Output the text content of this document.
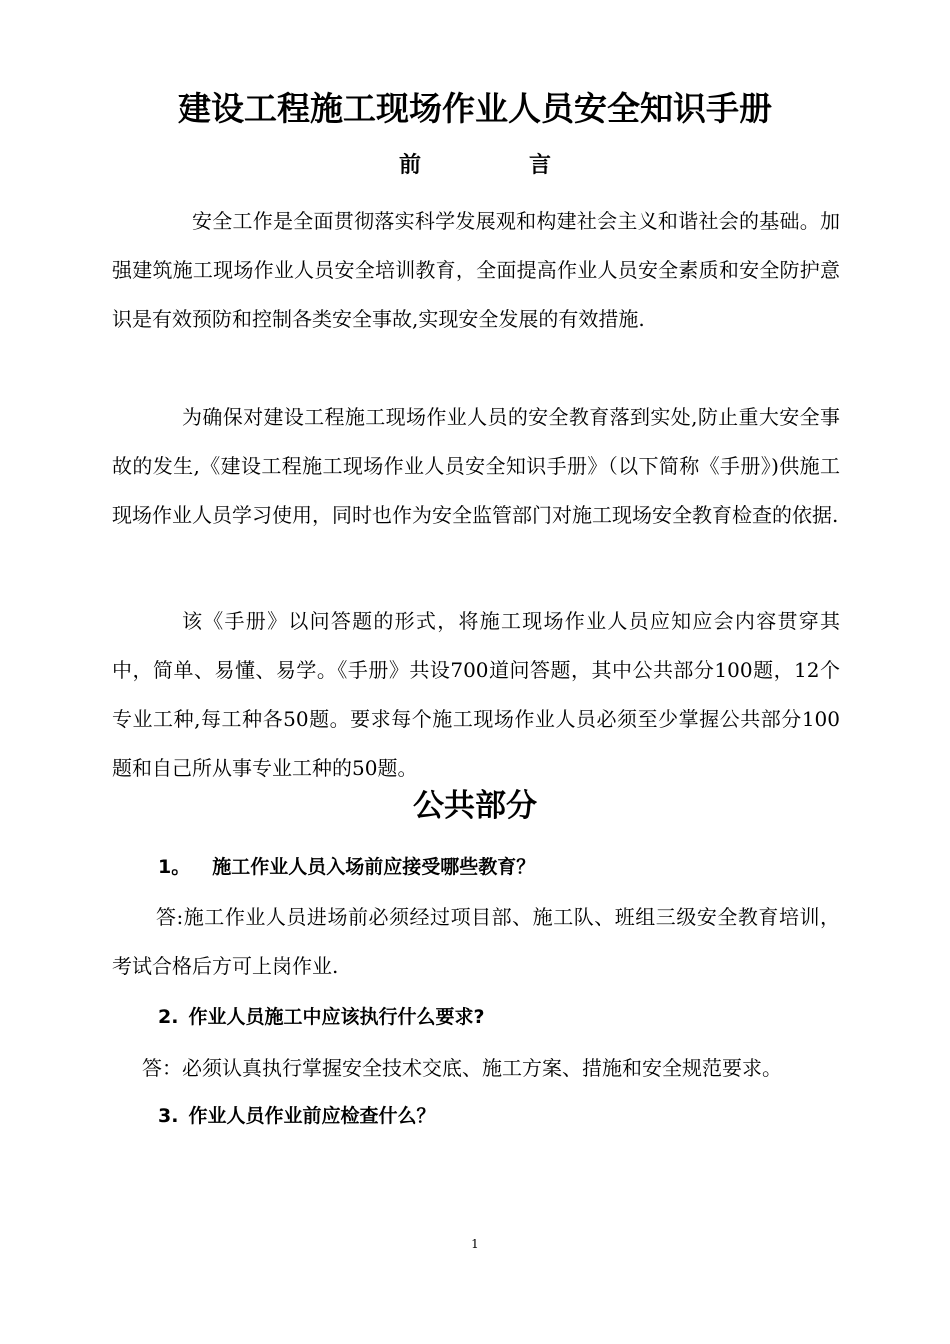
建设工程施工现场作业人员安全知识手册
前	言

安全工作是全面贯彻落实科学发展观和构建社会主义和谐社会的基础。加强建筑施工现场作业人员安全培训教育，全面提高作业人员安全素质和安全防护意识是有效预防和控制各类安全事故,实现安全发展的有效措施.

为确保对建设工程施工现场作业人员的安全教育落到实处,防止重大安全事故的发生,《建设工程施工现场作业人员安全知识手册》（以下简称《手册》)供施工现场作业人员学习使用，同时也作为安全监管部门对施工现场安全教育检查的依据.

该《手册》以问答题的形式，将施工现场作业人员应知应会内容贯穿其中，简单、易懂、易学。《手册》共设700道问答题，其中公共部分100题，12个专业工种,每工种各50题。要求每个施工现场作业人员必须至少掌握公共部分100题和自己所从事专业工种的50题。

公共部分

1。 施工作业人员入场前应接受哪些教育？

答:施工作业人员进场前必须经过项目部、施工队、班组三级安全教育培训，考试合格后方可上岗作业.

2. 作业人员施工中应该执行什么要求?

答：必须认真执行掌握安全技术交底、施工方案、措施和安全规范要求。

3. 作业人员作业前应检查什么？

1
